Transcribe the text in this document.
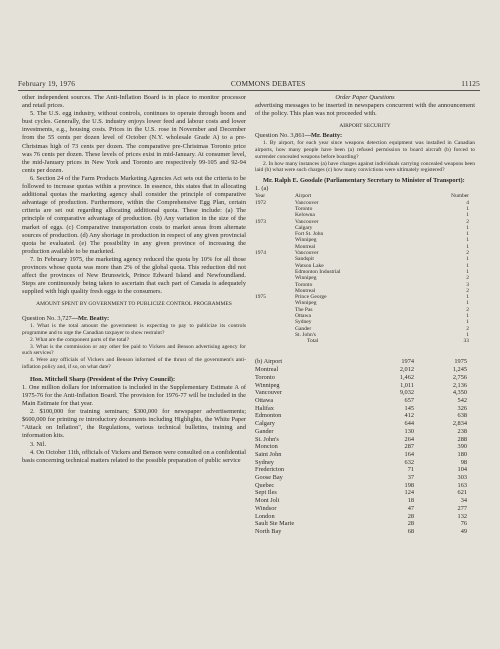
February 19, 1976	COMMONS DEBATES	11125

other independent sources. The Anti-Inflation Board is in place to monitor processor and retail prices.

5. The U.S. egg industry, without controls, continues to operate through boom and bust cycles. Generally, the U.S. industry enjoys lower feed and labour costs and lower investments, e.g., housing costs. Prices in the U.S. rose in November and December from the 55 cents per dozen level of October (N.Y. wholesale Grade A) to a pre-Christmas high of 73 cents per dozen. The comparative pre-Christmas Toronto price was 76 cents per dozen. These levels of prices exist in mid-January. At consumer level, the mid-January prices in New York and Toronto are respectively 99-105 and 92-94 cents per dozen.

6. Section 24 of the Farm Products Marketing Agencies Act sets out the criteria to be followed to increase quotas within a province. In essence, this states that in allocating additional quotas the marketing agency shall consider the principle of comparative advantage of production. Furthermore, within the Comprehensive Egg Plan, certain criteria are set out regarding allocating additional quota. These include: (a) The principle of comparative advantage of production. (b) Any variation in the size of the market of eggs. (c) Comparative transportation costs to market areas from alternate sources of production. (d) Any shortage in production in respect of any given provincial quota be evaluated. (e) The possibility in any given province of increasing the production available to be marketed.

7. In February 1975, the marketing agency reduced the quota by 10% for all those provinces whose quota was more than 2% of the global quota. This reduction did not affect the provinces of New Brunswick, Prince Edward Island and Newfoundland. Steps are continuously being taken to ascertain that each part of Canada is adequately supplied with high quality fresh eggs to the consumers.

AMOUNT SPENT BY GOVERNMENT TO PUBLICIZE CONTROL PROGRAMMES

Question No. 3,727—Mr. Beatty:

1. What is the total amount the government is expecting to pay to publicize its controls programme and to urge the Canadian taxpayer to show restraint?

2. What are the component parts of the total?

3. What is the commission or any other fee paid to Vickers and Benson advertising agency for such services?

4. Were any officials of Vickers and Benson informed of the thrust of the government's anti-inflation policy and, if so, on what date?

Hon. Mitchell Sharp (President of the Privy Council):

1. One million dollars for information is included in the Supplementary Estimate A of 1975-76 for the Anti-Inflation Board. The provision for 1976-77 will be included in the Main Estimate for that year.

2. $100,000 for training seminars; $300,000 for newspaper advertisements; $600,000 for printing re introductory documents including Highlights, the White Paper "Attack on Inflation", the Regulations, various technical bulletins, training and information kits.

3. Nil.

4. On October 11th, officials of Vickers and Benson were consulted on a confidential basis concerning technical matters related to the possible preparation of public service

Order Paper Questions

advertising messages to be inserted in newspapers concurrent with the announcement of the policy. This plan was not proceeded with.

AIRPORT SECURITY

Question No. 3,861—Mr. Beatty:

1. By airport, for each year since weapons detection equipment was installed in Canadian airports, how many people have been (a) refused permission to board aircraft (b) forced to surrender concealed weapons before boarding?

2. In how many instances (a) have charges against individuals carrying concealed weapons been laid (b) what were such charges (c) how many convictions were ultimately registered?

Mr. Ralph E. Goodale (Parliamentary Secretary to Minister of Transport):

1. (a)

Year	Airport	Number
1972	Vancouver	4
	Toronto	1
	Kelowna	1
1973	Vancouver	2
	Calgary	1
	Fort St. John	1
	Winnipeg	1
	Montreal	1
1974	Vancouver	2
	Sandspit	1
	Watson Lake	1
	Edmonton Industrial	1
	Winnipeg	2
	Toronto	3
	Montreal	2
1975	Prince George	1
	Winnipeg	1
	The Pas	2
	Ottawa	1
	Sydney	1
	Gander	2
	St. John's	1
	Total	33
(b) Airport	1974	1975
Montreal	2,012	1,245
Toronto	1,462	2,756
Winnipeg	1,011	2,136
Vancouver	9,032	4,350
Ottawa	657	542
Halifax	145	326
Edmonton	412	638
Calgary	644	2,834
Gander	130	238
St. John's	264	288
Moncton	287	390
Saint John	164	180
Sydney	632	98
Fredericton	71	104
Goose Bay	37	303
Quebec	198	163
Sept Iles	124	621
Mont Joli	18	34
Windsor	47	277
London	28	132
Sault Ste Marie	28	76
North Bay	68	49
